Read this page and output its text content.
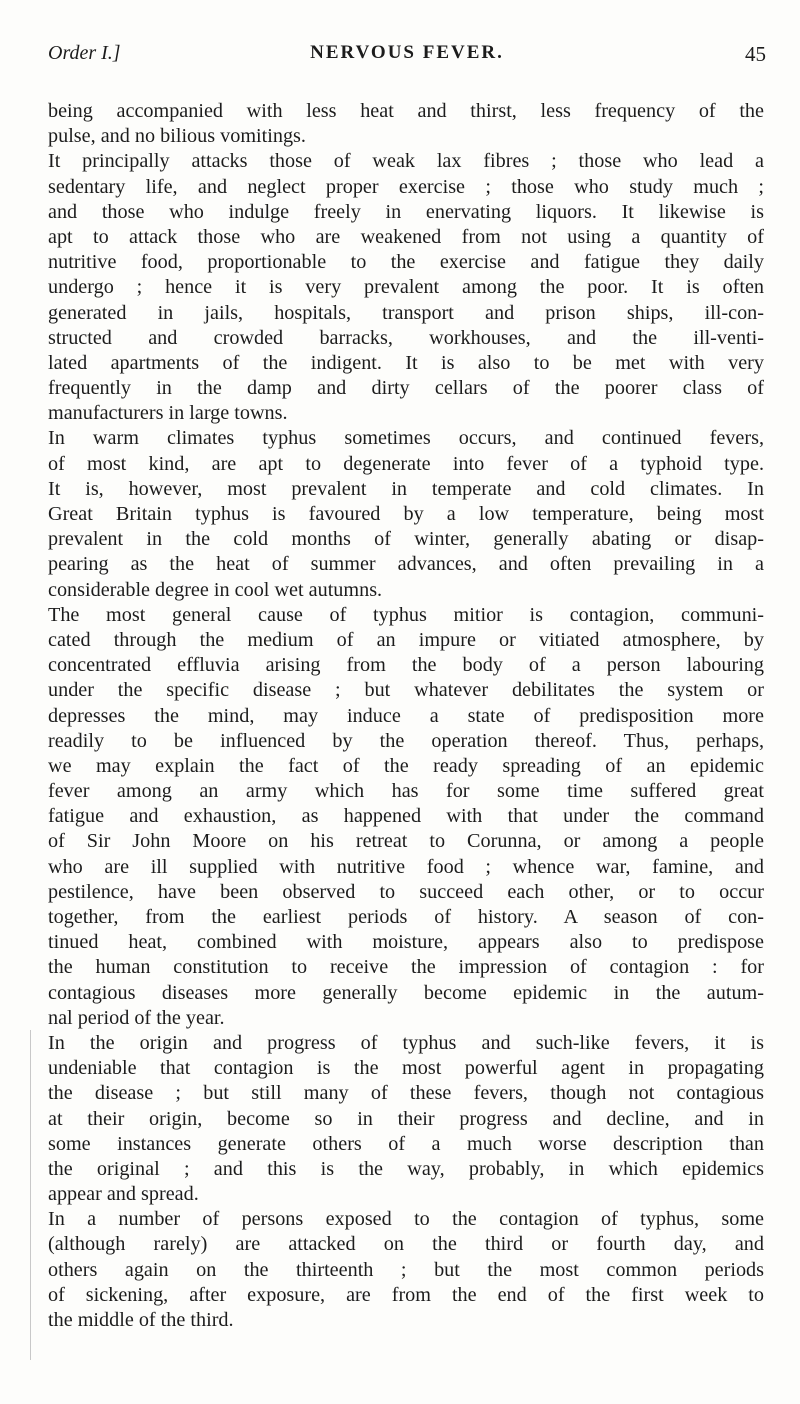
Order I.]	NERVOUS FEVER.	45
being accompanied with less heat and thirst, less frequency of the
pulse, and no bilious vomitings.
It principally attacks those of weak lax fibres ; those who lead a
sedentary life, and neglect proper exercise ; those who study much ;
and those who indulge freely in enervating liquors. It likewise is
apt to attack those who are weakened from not using a quantity of
nutritive food, proportionable to the exercise and fatigue they daily
undergo ; hence it is very prevalent among the poor. It is often
generated in jails, hospitals, transport and prison ships, ill-con-
structed and crowded barracks, workhouses, and the ill-venti-
lated apartments of the indigent. It is also to be met with very
frequently in the damp and dirty cellars of the poorer class of
manufacturers in large towns.
In warm climates typhus sometimes occurs, and continued fevers,
of most kind, are apt to degenerate into fever of a typhoid type.
It is, however, most prevalent in temperate and cold climates. In
Great Britain typhus is favoured by a low temperature, being most
prevalent in the cold months of winter, generally abating or disap-
pearing as the heat of summer advances, and often prevailing in a
considerable degree in cool wet autumns.
The most general cause of typhus mitior is contagion, communi-
cated through the medium of an impure or vitiated atmosphere, by
concentrated effluvia arising from the body of a person labouring
under the specific disease ; but whatever debilitates the system or
depresses the mind, may induce a state of predisposition more
readily to be influenced by the operation thereof. Thus, perhaps,
we may explain the fact of the ready spreading of an epidemic
fever among an army which has for some time suffered great
fatigue and exhaustion, as happened with that under the command
of Sir John Moore on his retreat to Corunna, or among a people
who are ill supplied with nutritive food ; whence war, famine, and
pestilence, have been observed to succeed each other, or to occur
together, from the earliest periods of history. A season of con-
tinued heat, combined with moisture, appears also to predispose
the human constitution to receive the impression of contagion : for
contagious diseases more generally become epidemic in the autum-
nal period of the year.
In the origin and progress of typhus and such-like fevers, it is
undeniable that contagion is the most powerful agent in propagating
the disease ; but still many of these fevers, though not contagious
at their origin, become so in their progress and decline, and in
some instances generate others of a much worse description than
the original ; and this is the way, probably, in which epidemics
appear and spread.
In a number of persons exposed to the contagion of typhus, some
(although rarely) are attacked on the third or fourth day, and
others again on the thirteenth ; but the most common periods
of sickening, after exposure, are from the end of the first week to
the middle of the third.
